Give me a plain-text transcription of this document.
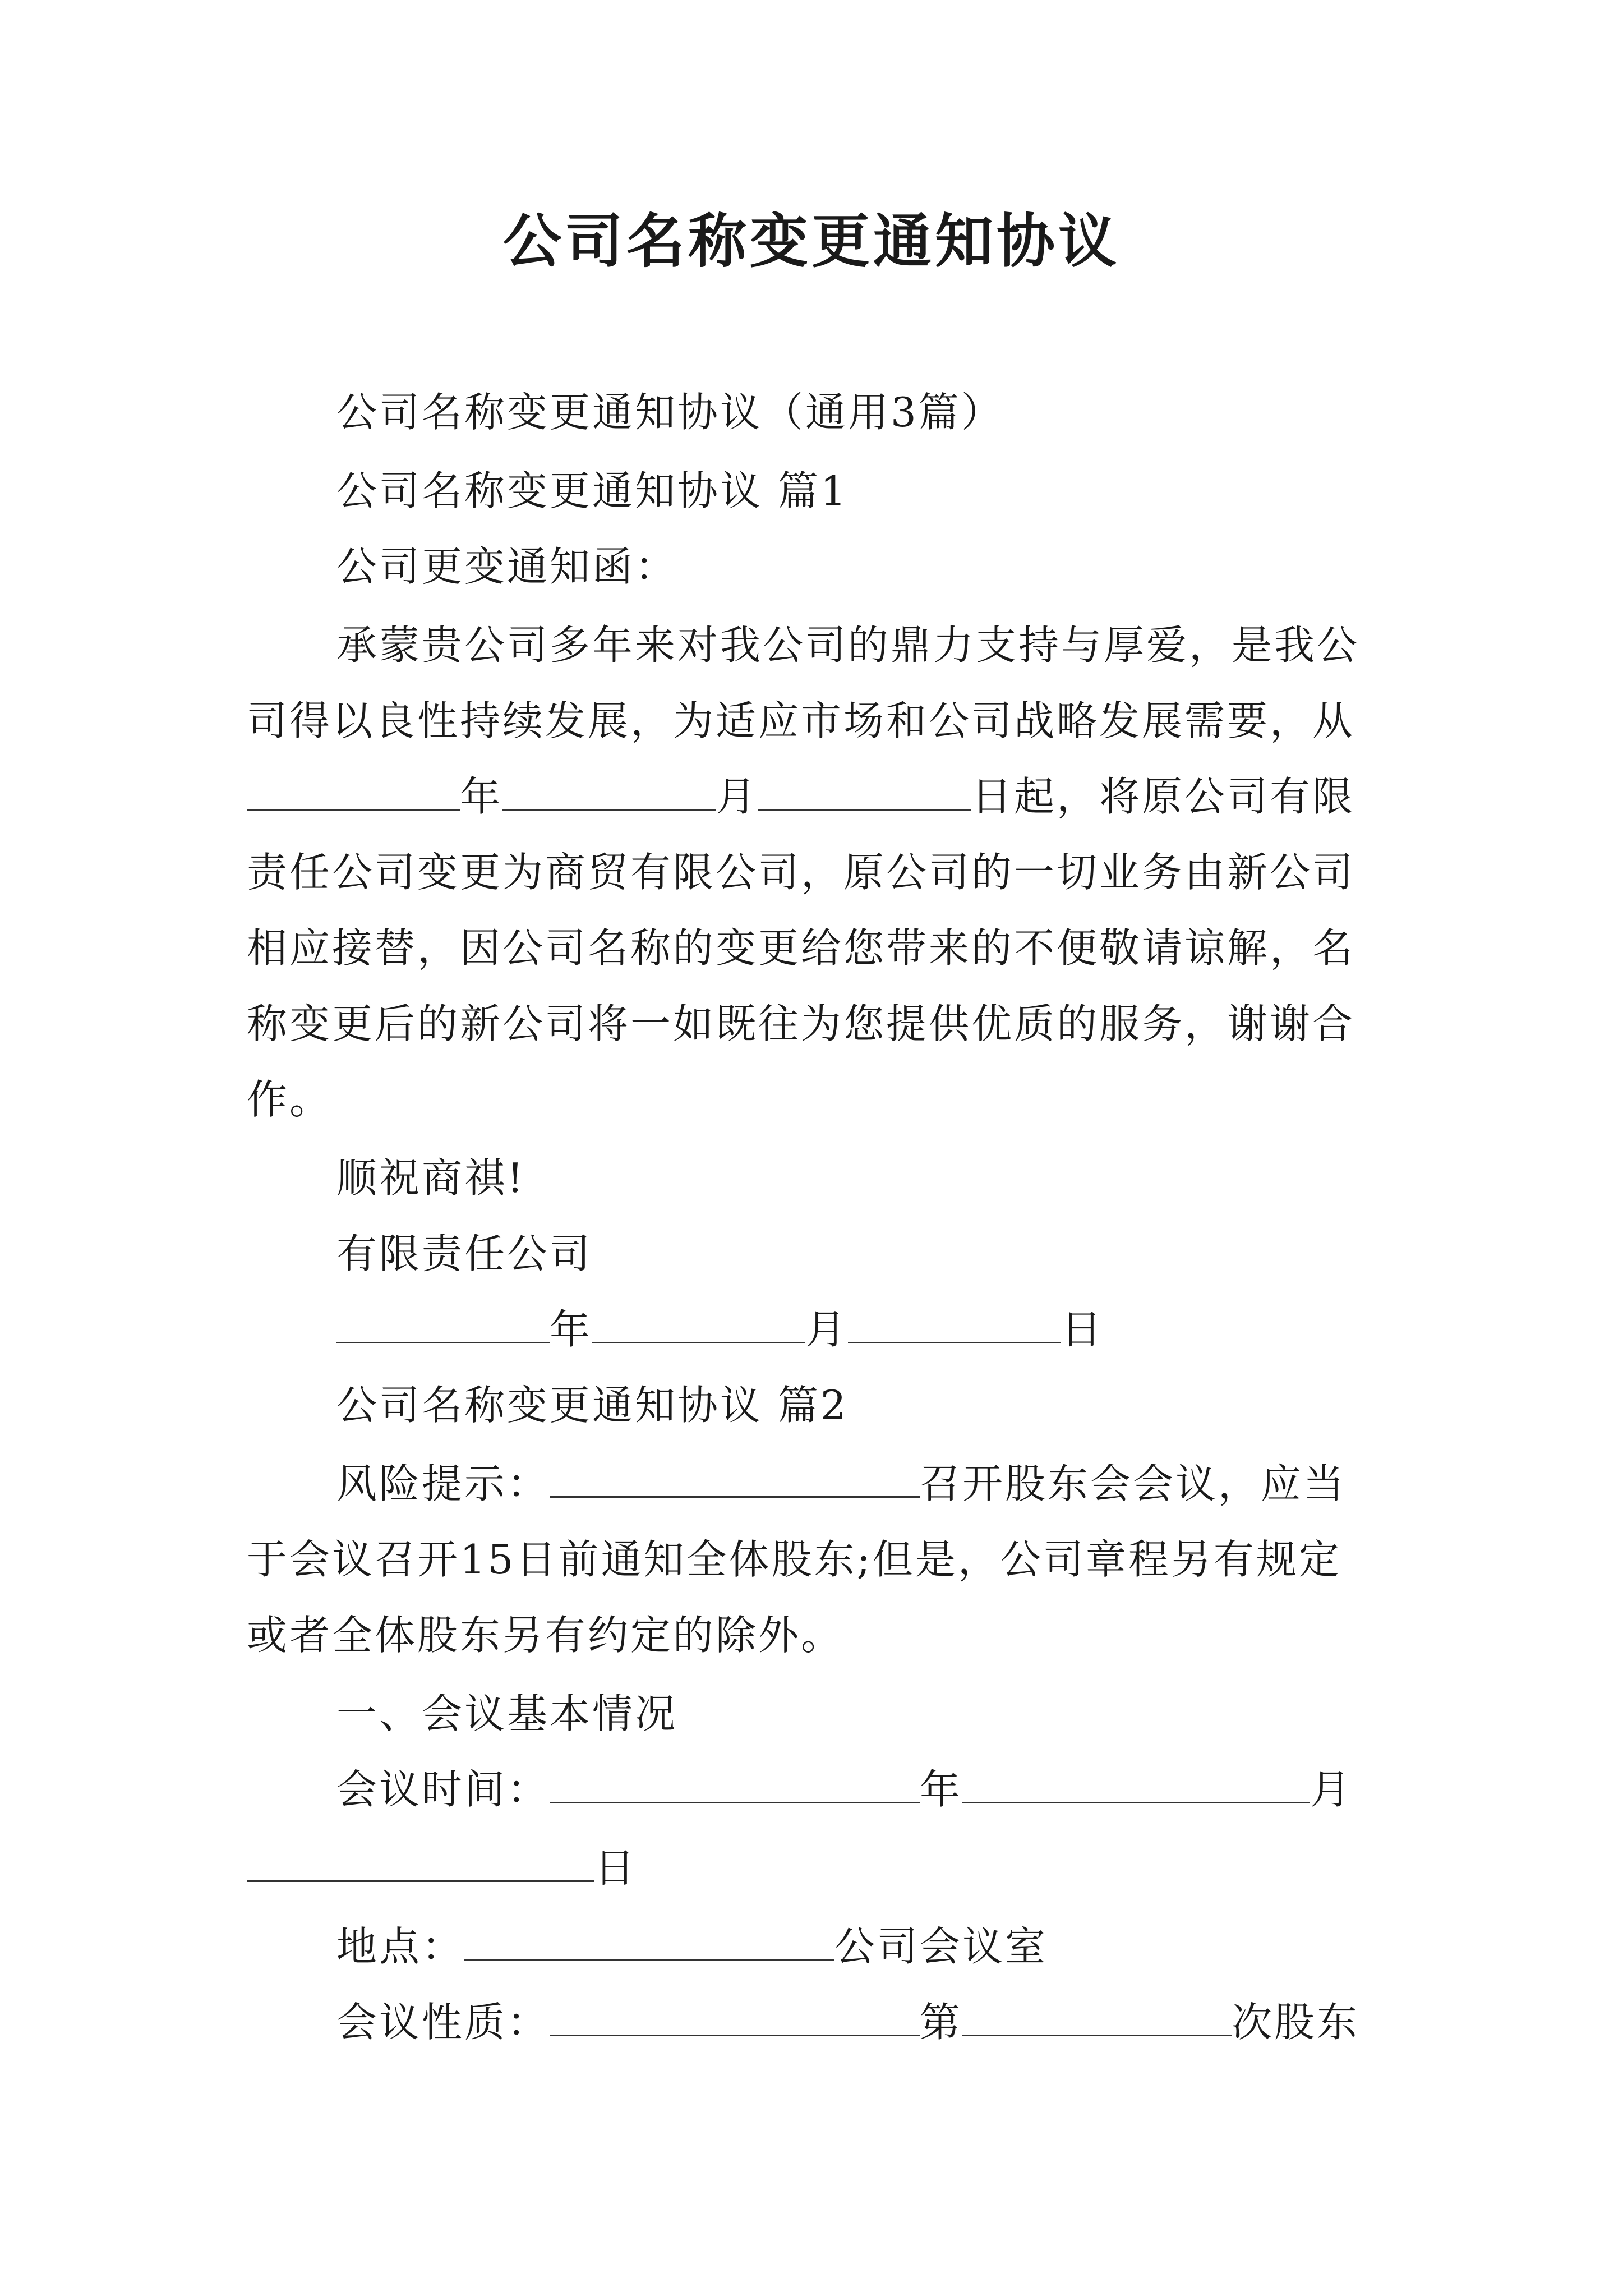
公司名称变更通知协议
公司名称变更通知协议（通用3篇）
公司名称变更通知协议 篇1
公司更变通知函：
承蒙贵公司多年来对我公司的鼎力支持与厚爱，是我公
司得以良性持续发展，为适应市场和公司战略发展需要，从
年	月	日起，将原公司有限
责任公司变更为商贸有限公司，原公司的一切业务由新公司
相应接替，因公司名称的变更给您带来的不便敬请谅解，名
称变更后的新公司将一如既往为您提供优质的服务，谢谢合
作。
顺祝商祺!
有限责任公司
年	月	日
公司名称变更通知协议 篇2
风险提示：	召开股东会会议，应当
于会议召开15日前通知全体股东;但是，公司章程另有规定
或者全体股东另有约定的除外。
一、会议基本情况
会议时间：	年	月
日
地点：	公司会议室
会议性质：	第	次股东
